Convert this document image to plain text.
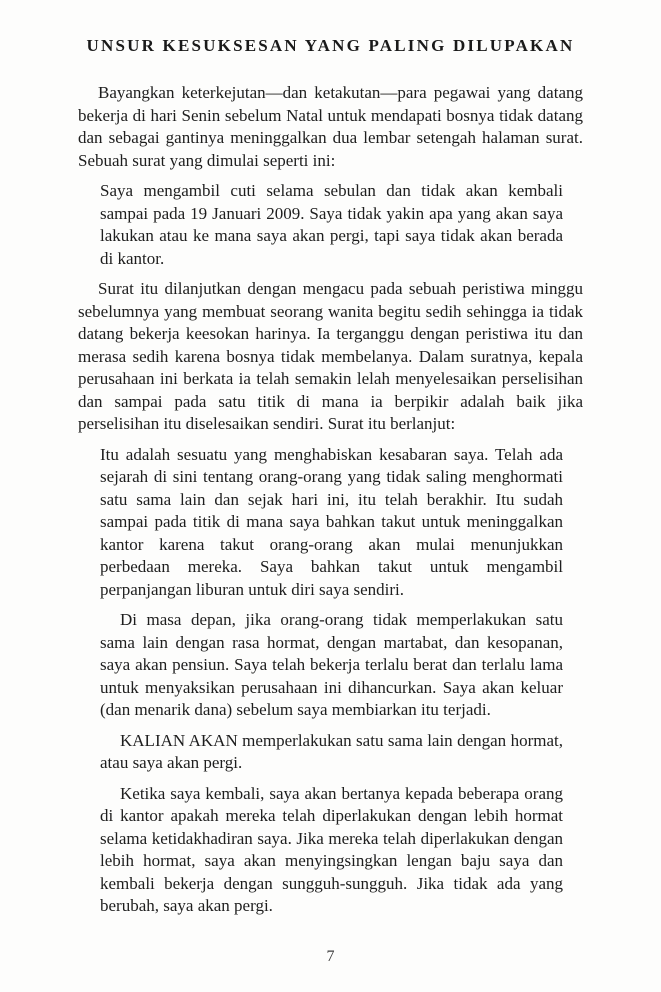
UNSUR KESUKSESAN YANG PALING DILUPAKAN

Bayangkan keterkejutan—dan ketakutan—para pegawai yang datang bekerja di hari Senin sebelum Natal untuk mendapati bosnya tidak datang dan sebagai gantinya meninggalkan dua lembar setengah halaman surat. Sebuah surat yang dimulai seperti ini:

Saya mengambil cuti selama sebulan dan tidak akan kembali sampai pada 19 Januari 2009. Saya tidak yakin apa yang akan saya lakukan atau ke mana saya akan pergi, tapi saya tidak akan berada di kantor.

Surat itu dilanjutkan dengan mengacu pada sebuah peristiwa minggu sebelumnya yang membuat seorang wanita begitu sedih sehingga ia tidak datang bekerja keesokan harinya. Ia terganggu dengan peristiwa itu dan merasa sedih karena bosnya tidak membelanya. Dalam suratnya, kepala perusahaan ini berkata ia telah semakin lelah menyelesaikan perselisihan dan sampai pada satu titik di mana ia berpikir adalah baik jika perselisihan itu diselesaikan sendiri. Surat itu berlanjut:

Itu adalah sesuatu yang menghabiskan kesabaran saya. Telah ada sejarah di sini tentang orang-orang yang tidak saling menghormati satu sama lain dan sejak hari ini, itu telah berakhir. Itu sudah sampai pada titik di mana saya bahkan takut untuk meninggalkan kantor karena takut orang-orang akan mulai menunjukkan perbedaan mereka. Saya bahkan takut untuk mengambil perpanjangan liburan untuk diri saya sendiri.

Di masa depan, jika orang-orang tidak memperlakukan satu sama lain dengan rasa hormat, dengan martabat, dan kesopanan, saya akan pensiun. Saya telah bekerja terlalu berat dan terlalu lama untuk menyaksikan perusahaan ini dihancurkan. Saya akan keluar (dan menarik dana) sebelum saya membiarkan itu terjadi.

KALIAN AKAN memperlakukan satu sama lain dengan hormat, atau saya akan pergi.

Ketika saya kembali, saya akan bertanya kepada beberapa orang di kantor apakah mereka telah diperlakukan dengan lebih hormat selama ketidakhadiran saya. Jika mereka telah diperlakukan dengan lebih hormat, saya akan menyingsingkan lengan baju saya dan kembali bekerja dengan sungguh-sungguh. Jika tidak ada yang berubah, saya akan pergi.

7
